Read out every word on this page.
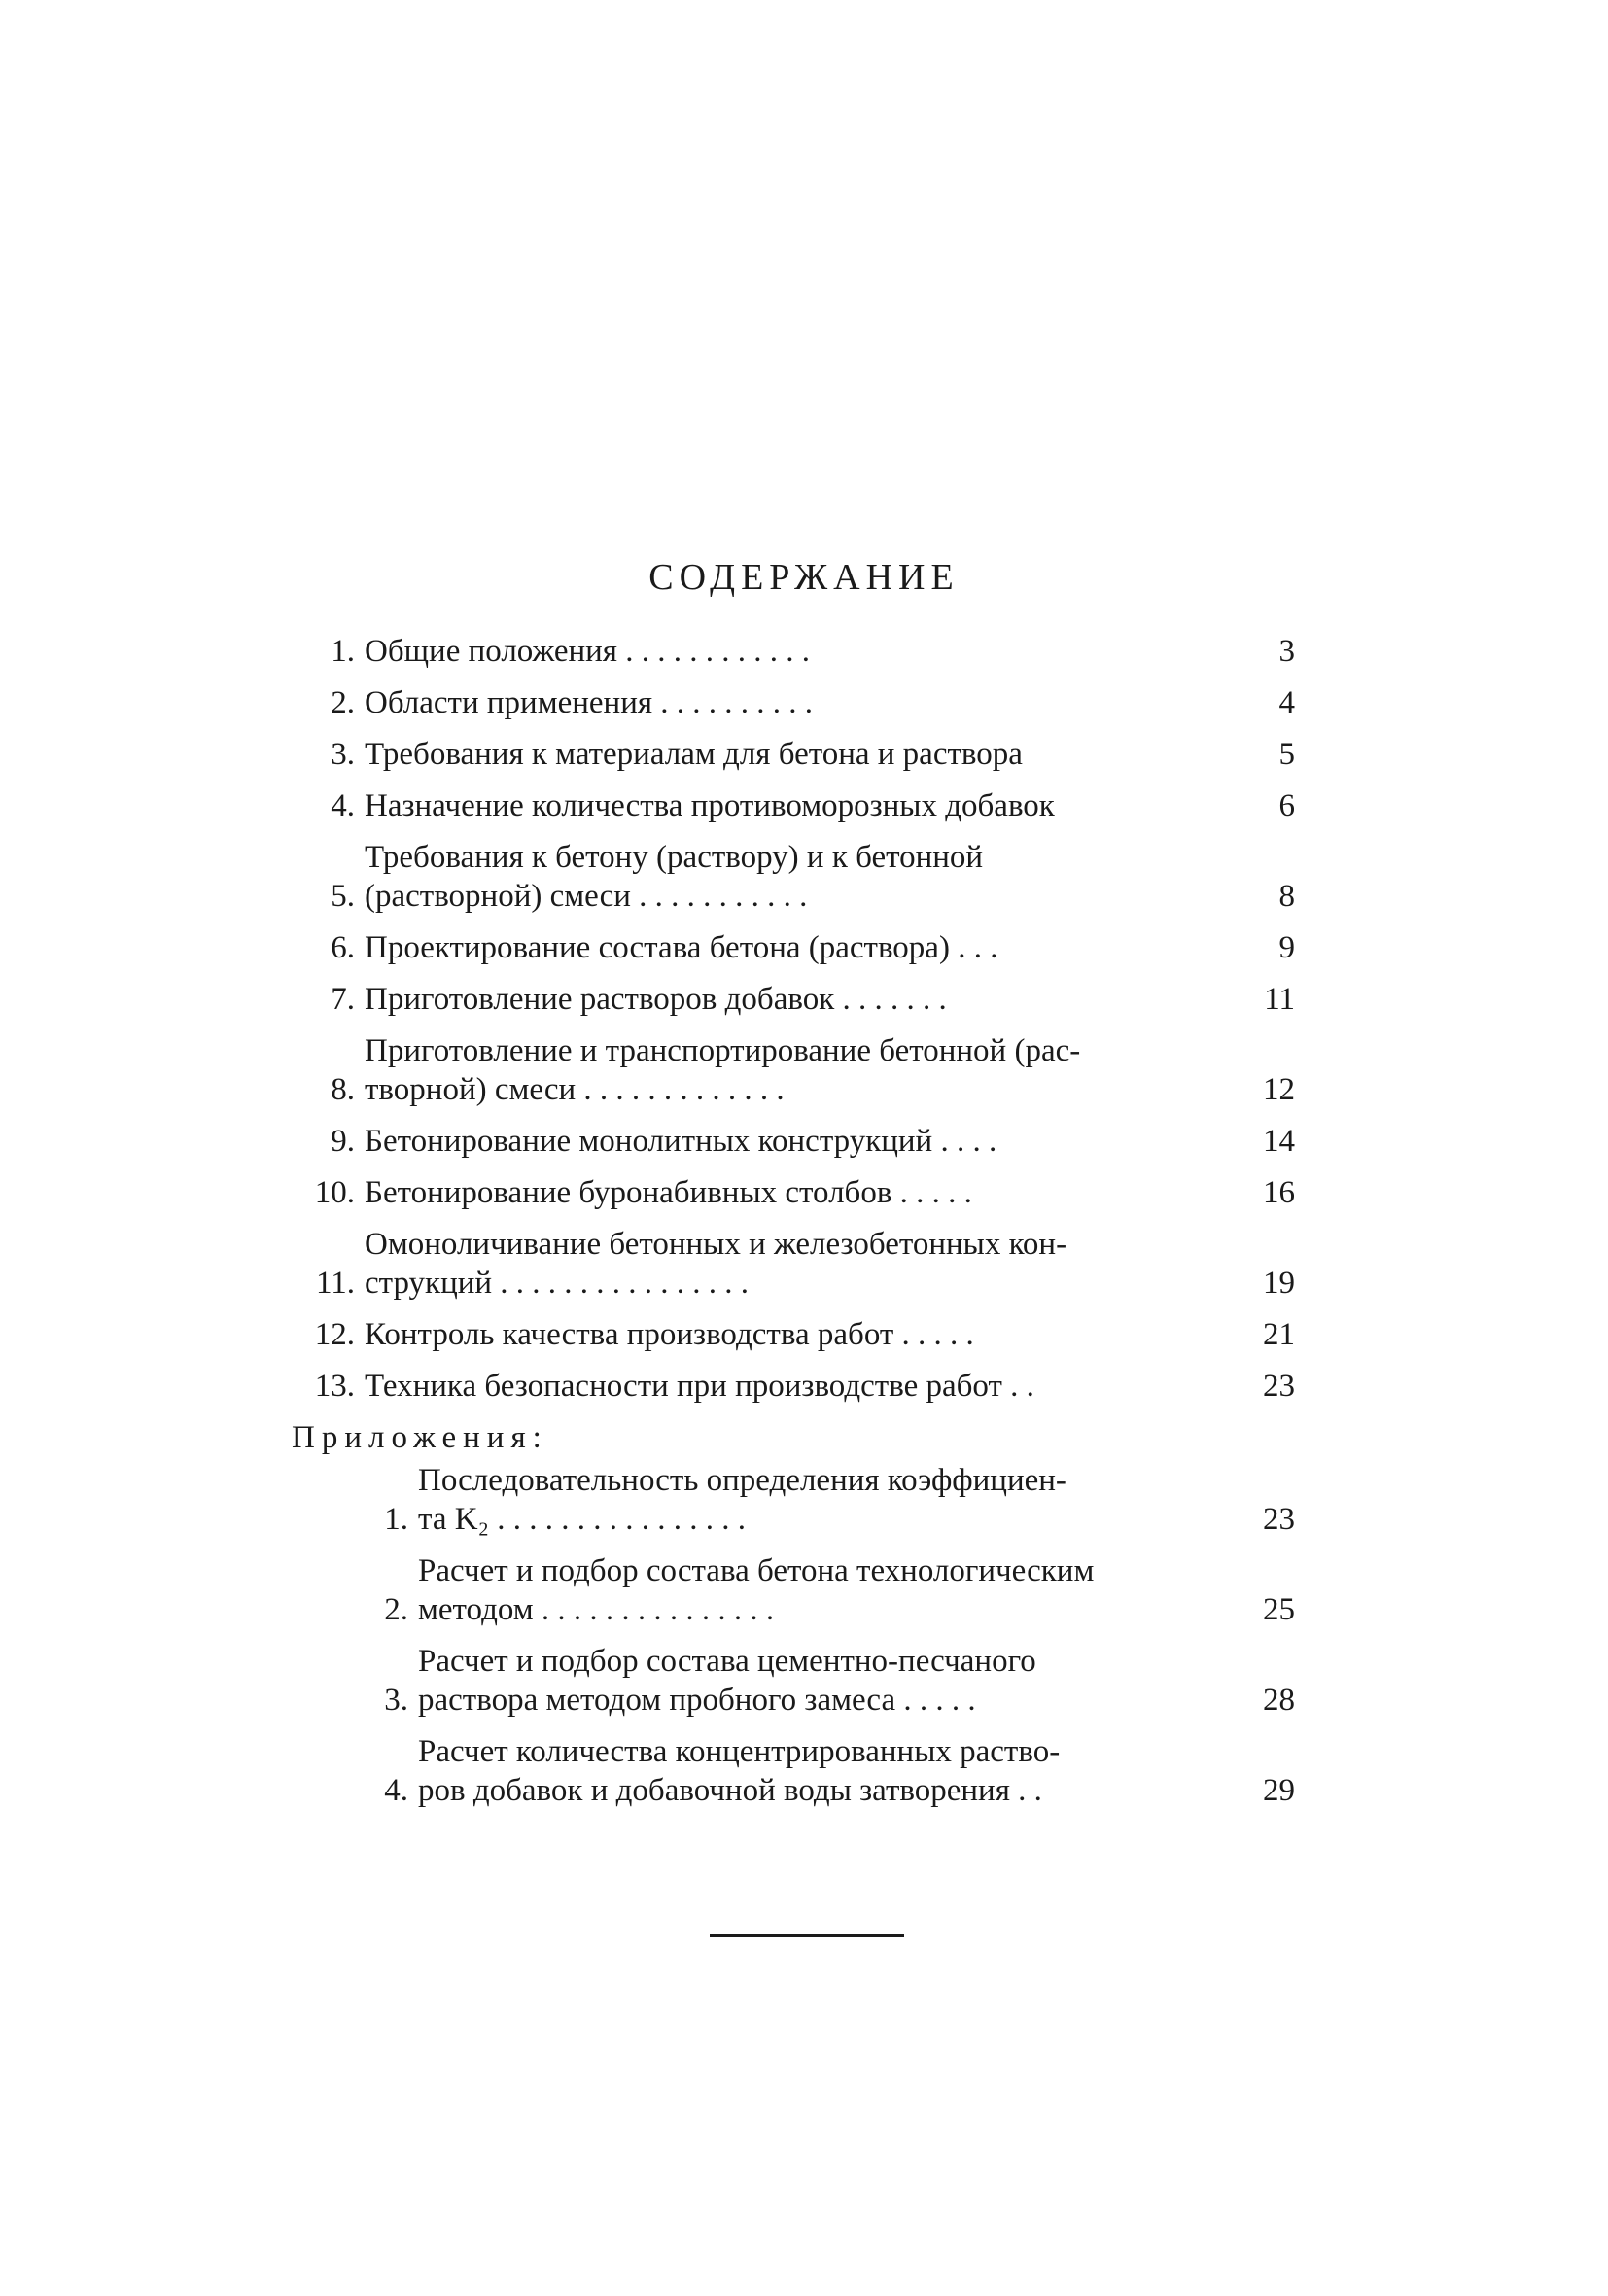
СОДЕРЖАНИЕ
1. Общие положения . . . . . . . . . . . .	3
2. Области применения . . . . . . . . . .	4
3. Требования к материалам для бетона и раствора	5
4. Назначение количества противоморозных добавок	6
5.
Требования к бетону (раствору) и к бетонной
(растворной) смеси . . . . . . . . . . .	8
6. Проектирование состава бетона (раствора) . . .	9
7. Приготовление растворов добавок . . . . . . .	11
8.
Приготовление и транспортирование бетонной (рас-
творной) смеси . . . . . . . . . . . . .	12
9. Бетонирование монолитных конструкций . . . .	14
10. Бетонирование буронабивных столбов . . . . .	16
11.
Омоноличивание бетонных и железобетонных кон-
струкций . . . . . . . . . . . . . . . .	19
12. Контроль качества производства работ . . . . .	21
13. Техника безопасности при производстве работ . .	23
Приложения:
1.
Последовательность определения коэффициен-
та K₂ . . . . . . . . . . . . . . . .	23
2.
Расчет и подбор состава бетона технологическим
методом . . . . . . . . . . . . . . .	25
3.
Расчет и подбор состава цементно-песчаного
раствора методом пробного замеса . . . . .	28
4.
Расчет количества концентрированных раство-
ров добавок и добавочной воды затворения . .	29
